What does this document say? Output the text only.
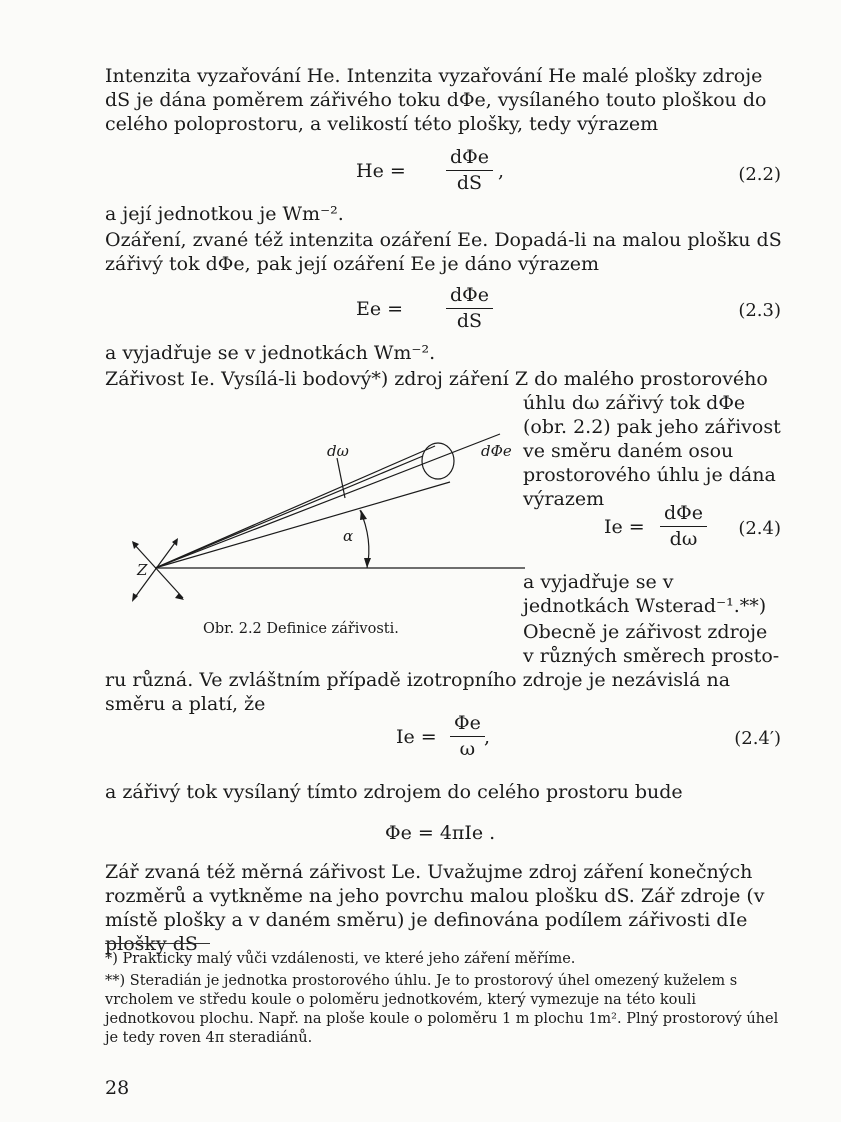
Intenzita vyzařování He. Intenzita vyzařování He malé plošky zdroje dS je dána poměrem zářivého toku dΦe, vysílaného touto ploškou do celého poloprostoru, a velikostí této plošky, tedy výrazem

He =
dΦe
dS
,	(2.2)

a její jednotkou je Wm⁻².

Ozáření, zvané též intenzita ozáření Ee. Dopadá-li na malou plošku dS zářivý tok dΦe, pak její ozáření Ee je dáno výrazem

Ee =
dΦe
dS	(2.3)

a vyjadřuje se v jednotkách Wm⁻².

Zářivost Ie. Vysílá-li bodový*) zdroj záření Z do malého prostorového

úhlu dω zářivý tok dΦe (obr. 2.2) pak jeho zářivost ve směru daném osou prostorového úhlu je dána výrazem

Ie =
dΦe
dω	(2.4)

a vyjadřuje se v jednotkách Wsterad⁻¹.**)

Obecně je zářivost zdroje v různých směrech prosto-

ru různá. Ve zvláštním případě izotropního zdroje je nezávislá na směru a platí, že

dω	dΦe
α
Z
Obr. 2.2 Definice zářivosti.
$Ie = \frac{\Phi e}{\omega}$ ,	(2.4′)

a zářivý tok vysílaný tímto zdrojem do celého prostoru bude

Φe = 4πIe .

Zář zvaná též měrná zářivost Le. Uvažujme zdroj záření konečných rozměrů a vytkněme na jeho povrchu malou plošku dS. Zář zdroje (v místě plošky a v daném směru) je definována podílem zářivosti dIe plošky dS

*) Prakticky malý vůči vzdálenosti, ve které jeho záření měříme.

**) Steradián je jednotka prostorového úhlu. Je to prostorový úhel omezený kuželem s vrcholem ve středu koule o poloměru jednotkovém, který vymezuje na této kouli jednotkovou plochu. Např. na ploše koule o poloměru 1 m plochu 1m². Plný prostorový úhel je tedy roven 4π steradiánů.

28
